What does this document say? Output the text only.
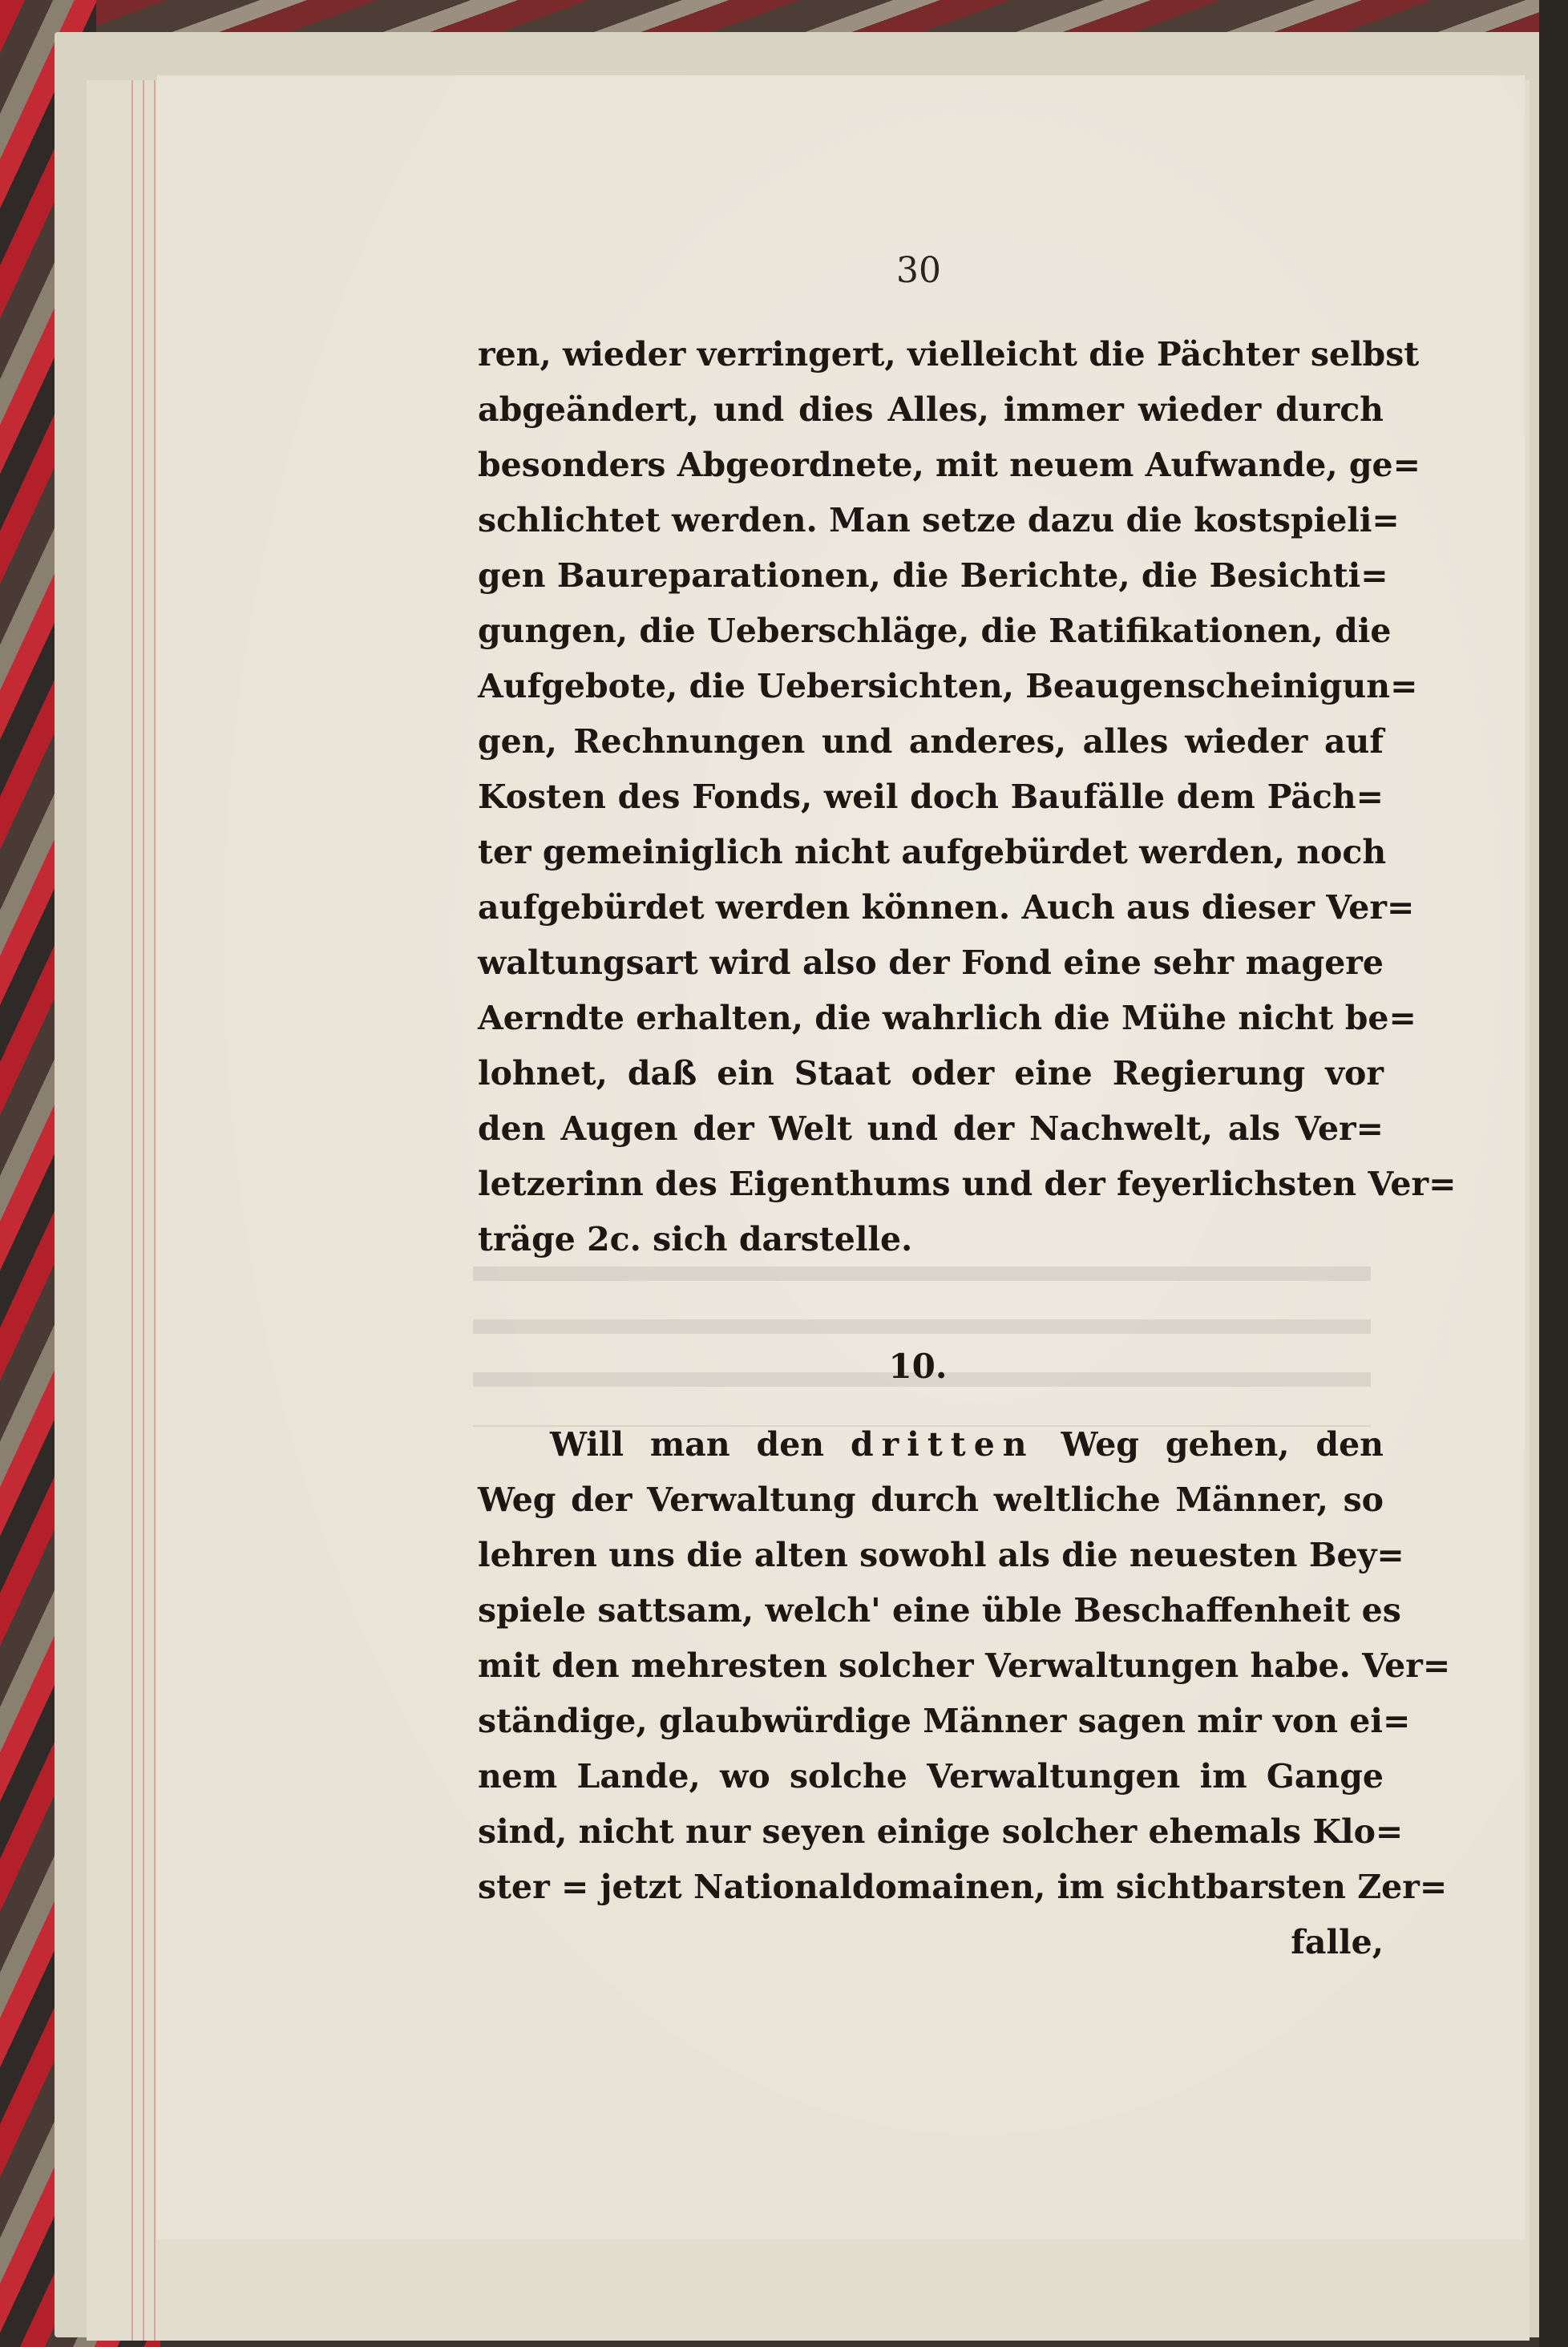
30
ren, wieder verringert, vielleicht die Pächter selbst
abgeändert, und dies Alles, immer wieder durch
besonders Abgeordnete, mit neuem Aufwande, ge=
schlichtet werden. Man setze dazu die kostspieli=
gen Baureparationen, die Berichte, die Besichti=
gungen, die Ueberschläge, die Ratifikationen, die
Aufgebote, die Uebersichten, Beaugenscheinigun=
gen, Rechnungen und anderes, alles wieder auf
Kosten des Fonds, weil doch Baufälle dem Päch=
ter gemeiniglich nicht aufgebürdet werden, noch
aufgebürdet werden können. Auch aus dieser Ver=
waltungsart wird also der Fond eine sehr magere
Aerndte erhalten, die wahrlich die Mühe nicht be=
lohnet, daß ein Staat oder eine Regierung vor
den Augen der Welt und der Nachwelt, als Ver=
letzerinn des Eigenthums und der feyerlichsten Ver=
träge 2c. sich darstelle.
10.
Will man den dritten Weg gehen, den
Weg der Verwaltung durch weltliche Männer, so
lehren uns die alten sowohl als die neuesten Bey=
spiele sattsam, welch' eine üble Beschaffenheit es
mit den mehresten solcher Verwaltungen habe. Ver=
ständige, glaubwürdige Männer sagen mir von ei=
nem Lande, wo solche Verwaltungen im Gange
sind, nicht nur seyen einige solcher ehemals Klo=
ster = jetzt Nationaldomainen, im sichtbarsten Zer=
falle,
